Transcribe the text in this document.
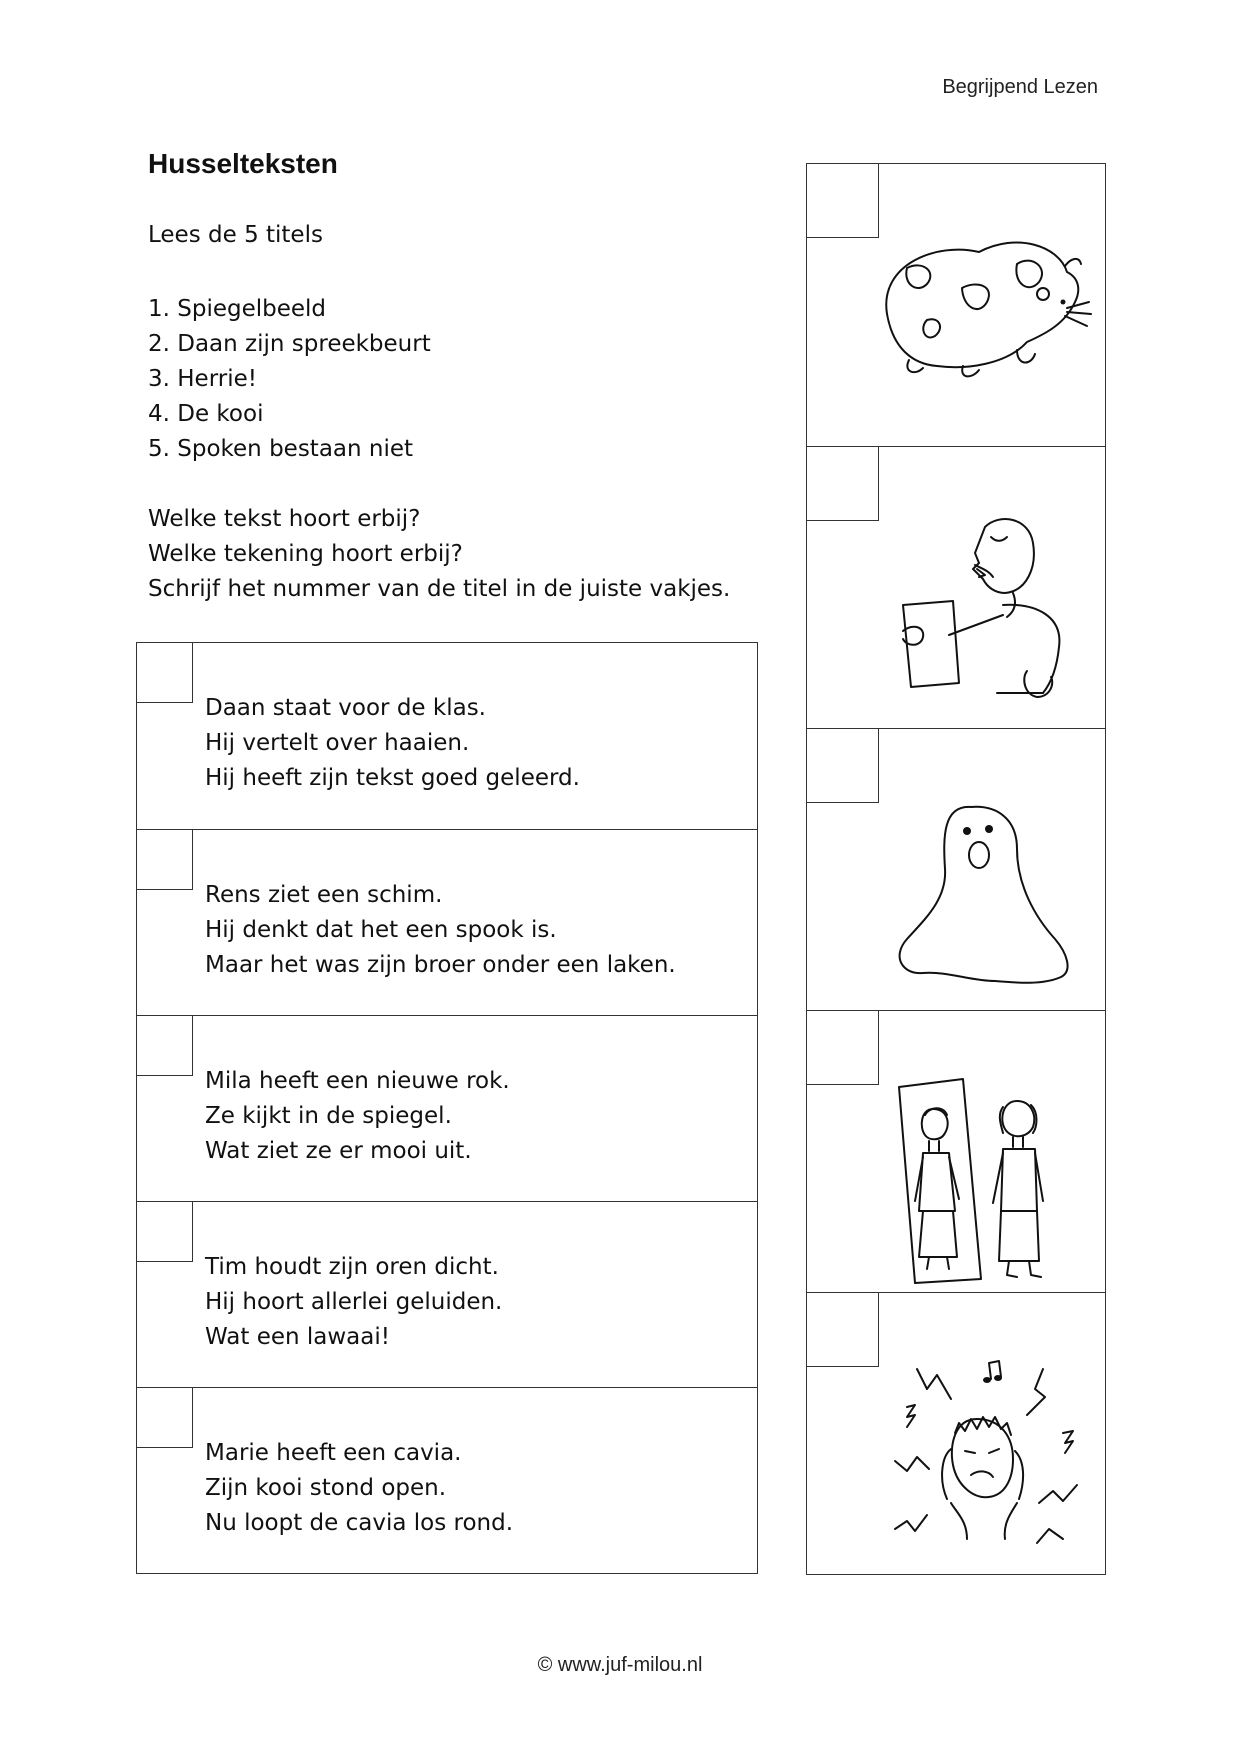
Begrijpend Lezen
Husselteksten
Lees de 5 titels
1. Spiegelbeeld
2. Daan zijn spreekbeurt
3. Herrie!
4. De kooi
5. Spoken bestaan niet
Welke tekst hoort erbij?
Welke tekening hoort erbij?
Schrijf het nummer van de titel in de juiste vakjes.
Daan staat voor de klas.
Hij vertelt over haaien.
Hij heeft zijn tekst goed geleerd.
Rens ziet een schim.
Hij denkt dat het een spook is.
Maar het was zijn broer onder een laken.
Mila heeft een nieuwe rok.
Ze kijkt in de spiegel.
Wat ziet ze er mooi uit.
Tim houdt zijn oren dicht.
Hij hoort allerlei geluiden.
Wat een lawaai!
Marie heeft een cavia.
Zijn kooi stond open.
Nu loopt de cavia los rond.
© www.juf-milou.nl
